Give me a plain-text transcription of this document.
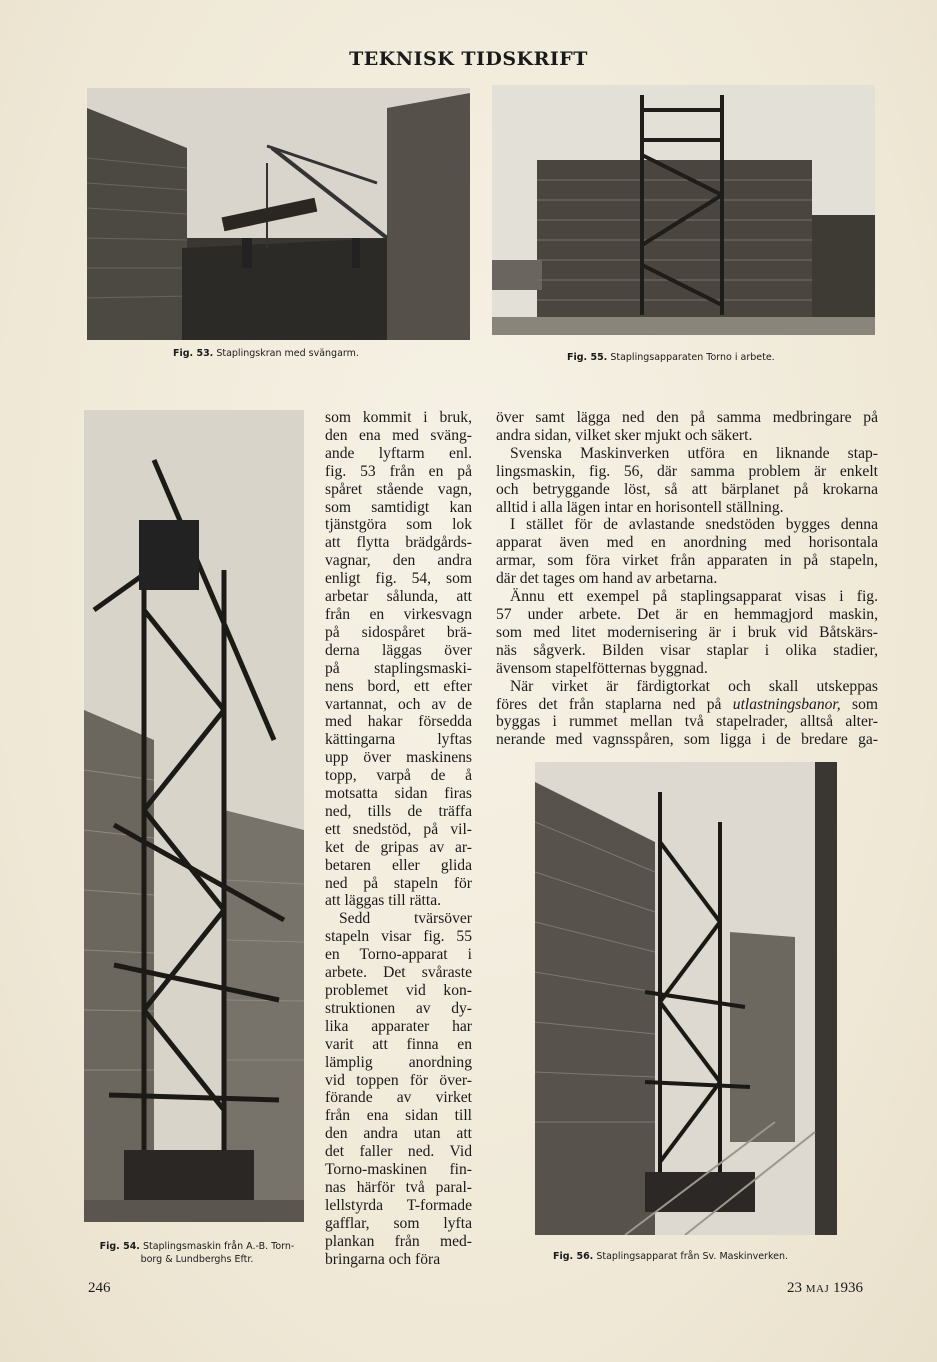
TEKNISK TIDSKRIFT
Fig. 53. Staplingskran med svängarm.	Fig. 55. Staplingsapparaten Torno i arbete.
Fig. 54. Staplingsmaskin från A.-B. Torn-
borg & Lundberghs Eftr.
som kommit i bruk,
den ena med sväng-
ande lyftarm enl.
fig. 53 från en på
spåret stående vagn,
som samtidigt kan
tjänstgöra som lok
att flytta brädgårds-
vagnar, den andra
enligt fig. 54, som
arbetar sålunda, att
från en virkesvagn
på sidospåret brä-
derna läggas över
på staplingsmaski-
nens bord, ett efter
vartannat, och av de
med hakar försedda
kättingarna lyftas
upp över maskinens
topp, varpå de å
motsatta sidan firas
ned, tills de träffa
ett snedstöd, på vil-
ket de gripas av ar-
betaren eller glida
ned på stapeln för
att läggas till rätta.
Sedd tvärsöver
stapeln visar fig. 55
en Torno-apparat i
arbete. Det svåraste
problemet vid kon-
struktionen av dy-
lika apparater har
varit att finna en
lämplig anordning
vid toppen för över-
förande av virket
från ena sidan till
den andra utan att
det faller ned. Vid
Torno-maskinen fin-
nas härför två paral-
lellstyrda T-formade
gafflar, som lyfta
plankan från med-
bringarna och föra
över samt lägga ned den på samma medbringare på
andra sidan, vilket sker mjukt och säkert.
Svenska Maskinverken utföra en liknande stap-
lingsmaskin, fig. 56, där samma problem är enkelt
och betryggande löst, så att bärplanet på krokarna
alltid i alla lägen intar en horisontell ställning.
I stället för de avlastande snedstöden bygges denna
apparat även med en anordning med horisontala
armar, som föra virket från apparaten in på stapeln,
där det tages om hand av arbetarna.
Ännu ett exempel på staplingsapparat visas i fig.
57 under arbete. Det är en hemmagjord maskin,
som med litet modernisering är i bruk vid Båtskärs-
näs sågverk. Bilden visar staplar i olika stadier,
ävensom stapelfötternas byggnad.
När virket är färdigtorkat och skall utskeppas
föres det från staplarna ned på utlastningsbanor, som
byggas i rummet mellan två stapelrader, alltså alter-
nerande med vagnsspåren, som ligga i de bredare ga-
Fig. 56. Staplingsapparat från Sv. Maskinverken.
246	23 MAJ 1936
